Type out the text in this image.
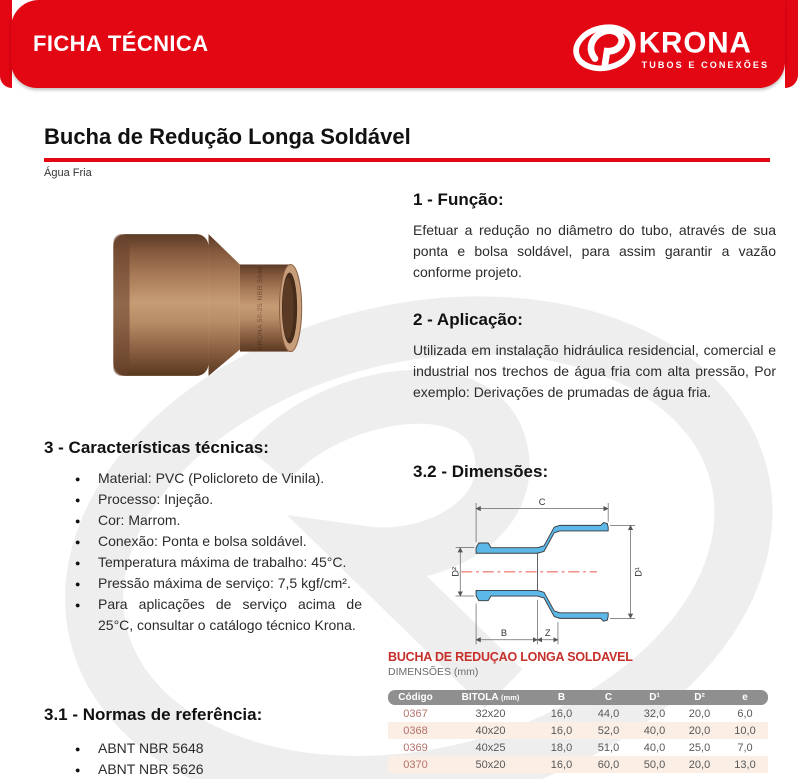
FICHA TÉCNICA	KRONA
TUBOS E CONEXÕES
Bucha de Redução Longa Soldável
Água Fria
KRONA 50-25 NBR 5648
1 - Função:
Efetuar a redução no diâmetro do tubo, através de sua ponta e bolsa soldável, para assim garantir a vazão conforme projeto.
2 - Aplicação:
Utilizada em instalação hidráulica residencial, comercial e industrial nos trechos de água fria com alta pressão, Por exemplo: Derivações de prumadas de água fria.
3 - Características técnicas:
● Material: PVC (Policloreto de Vinila).
● Processo: Injeção.
● Cor: Marrom.
● Conexão: Ponta e bolsa soldável.
● Temperatura máxima de trabalho: 45°C.
● Pressão máxima de serviço: 7,5 kgf/cm².
● Para aplicações de serviço acima de 25°C, consultar o catálogo técnico Krona.
3.1 - Normas de referência:
● ABNT NBR 5648
● ABNT NBR 5626
3.2 - Dimensões:
C
D²	D¹
B	Z
BUCHA DE REDUÇAO LONGA SOLDAVEL
DIMENSÕES (mm)
Código	BITOLA (mm)	B	C	D¹	D²	e
0367	32x20	16,0	44,0	32,0	20,0	6,0
0368	40x20	16,0	52,0	40,0	20,0	10,0
0369	40x25	18,0	51,0	40,0	25,0	7,0
0370	50x20	16,0	60,0	50,0	20,0	13,0
